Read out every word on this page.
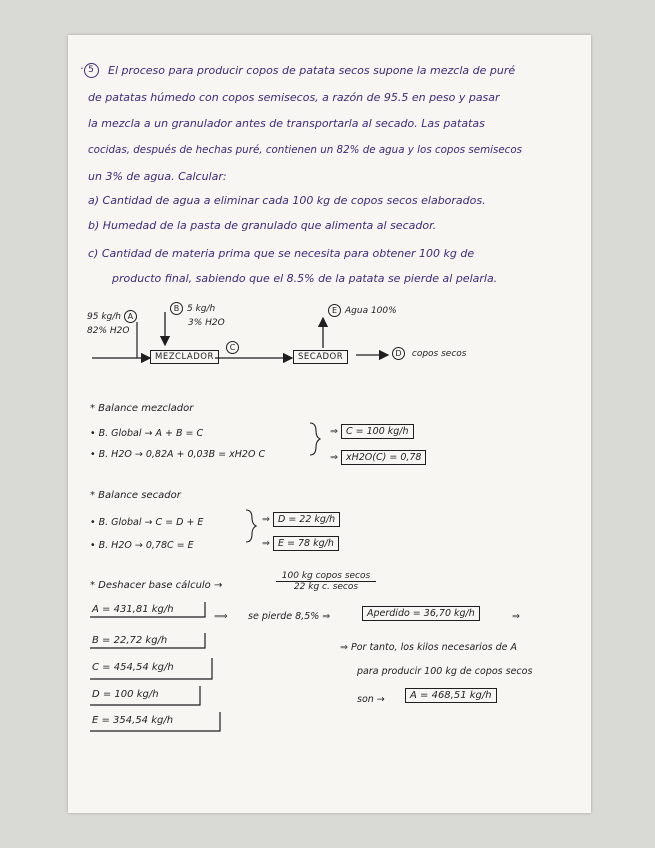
· 5	El proceso para producir copos de patata secos supone la mezcla de puré
de patatas húmedo con copos semisecos, a razón de 95.5 en peso y pasar
la mezcla a un granulador antes de transportarla al secado. Las patatas
cocidas, después de hechas puré, contienen un 82% de agua y los copos semisecos
un 3% de agua. Calcular:
a) Cantidad de agua a eliminar cada 100 kg de copos secos elaborados.
b) Humedad de la pasta de granulado que alimenta al secador.
c) Cantidad de materia prima que se necesita para obtener 100 kg de
producto final, sabiendo que el 8.5% de la patata se pierde al pelarla.
95 kg/h A
82% H2O
B 5 kg/h
3% H2O
MEZCLADOR
C
SECADOR
E Agua 100%
D copos secos
* Balance mezclador
• B. Global → A + B = C
• B. H2O → 0,82A + 0,03B = xH2O C
⇒ C = 100 kg/h
⇒ xH2O(C) = 0,78
* Balance secador
• B. Global → C = D + E
• B. H2O → 0,78C = E
⇒ D = 22 kg/h
⇒ E = 78 kg/h
* Deshacer base cálculo →
100 kg copos secos
22 kg c. secos
A = 431,81 kg/h
B = 22,72 kg/h
C = 454,54 kg/h
D = 100 kg/h
E = 354,54 kg/h
⟹ se pierde 8,5% ⇒	Aperdido = 36,70 kg/h	⇒
⇒ Por tanto, los kilos necesarios de A
para producir 100 kg de copos secos
son →	A = 468,51 kg/h
